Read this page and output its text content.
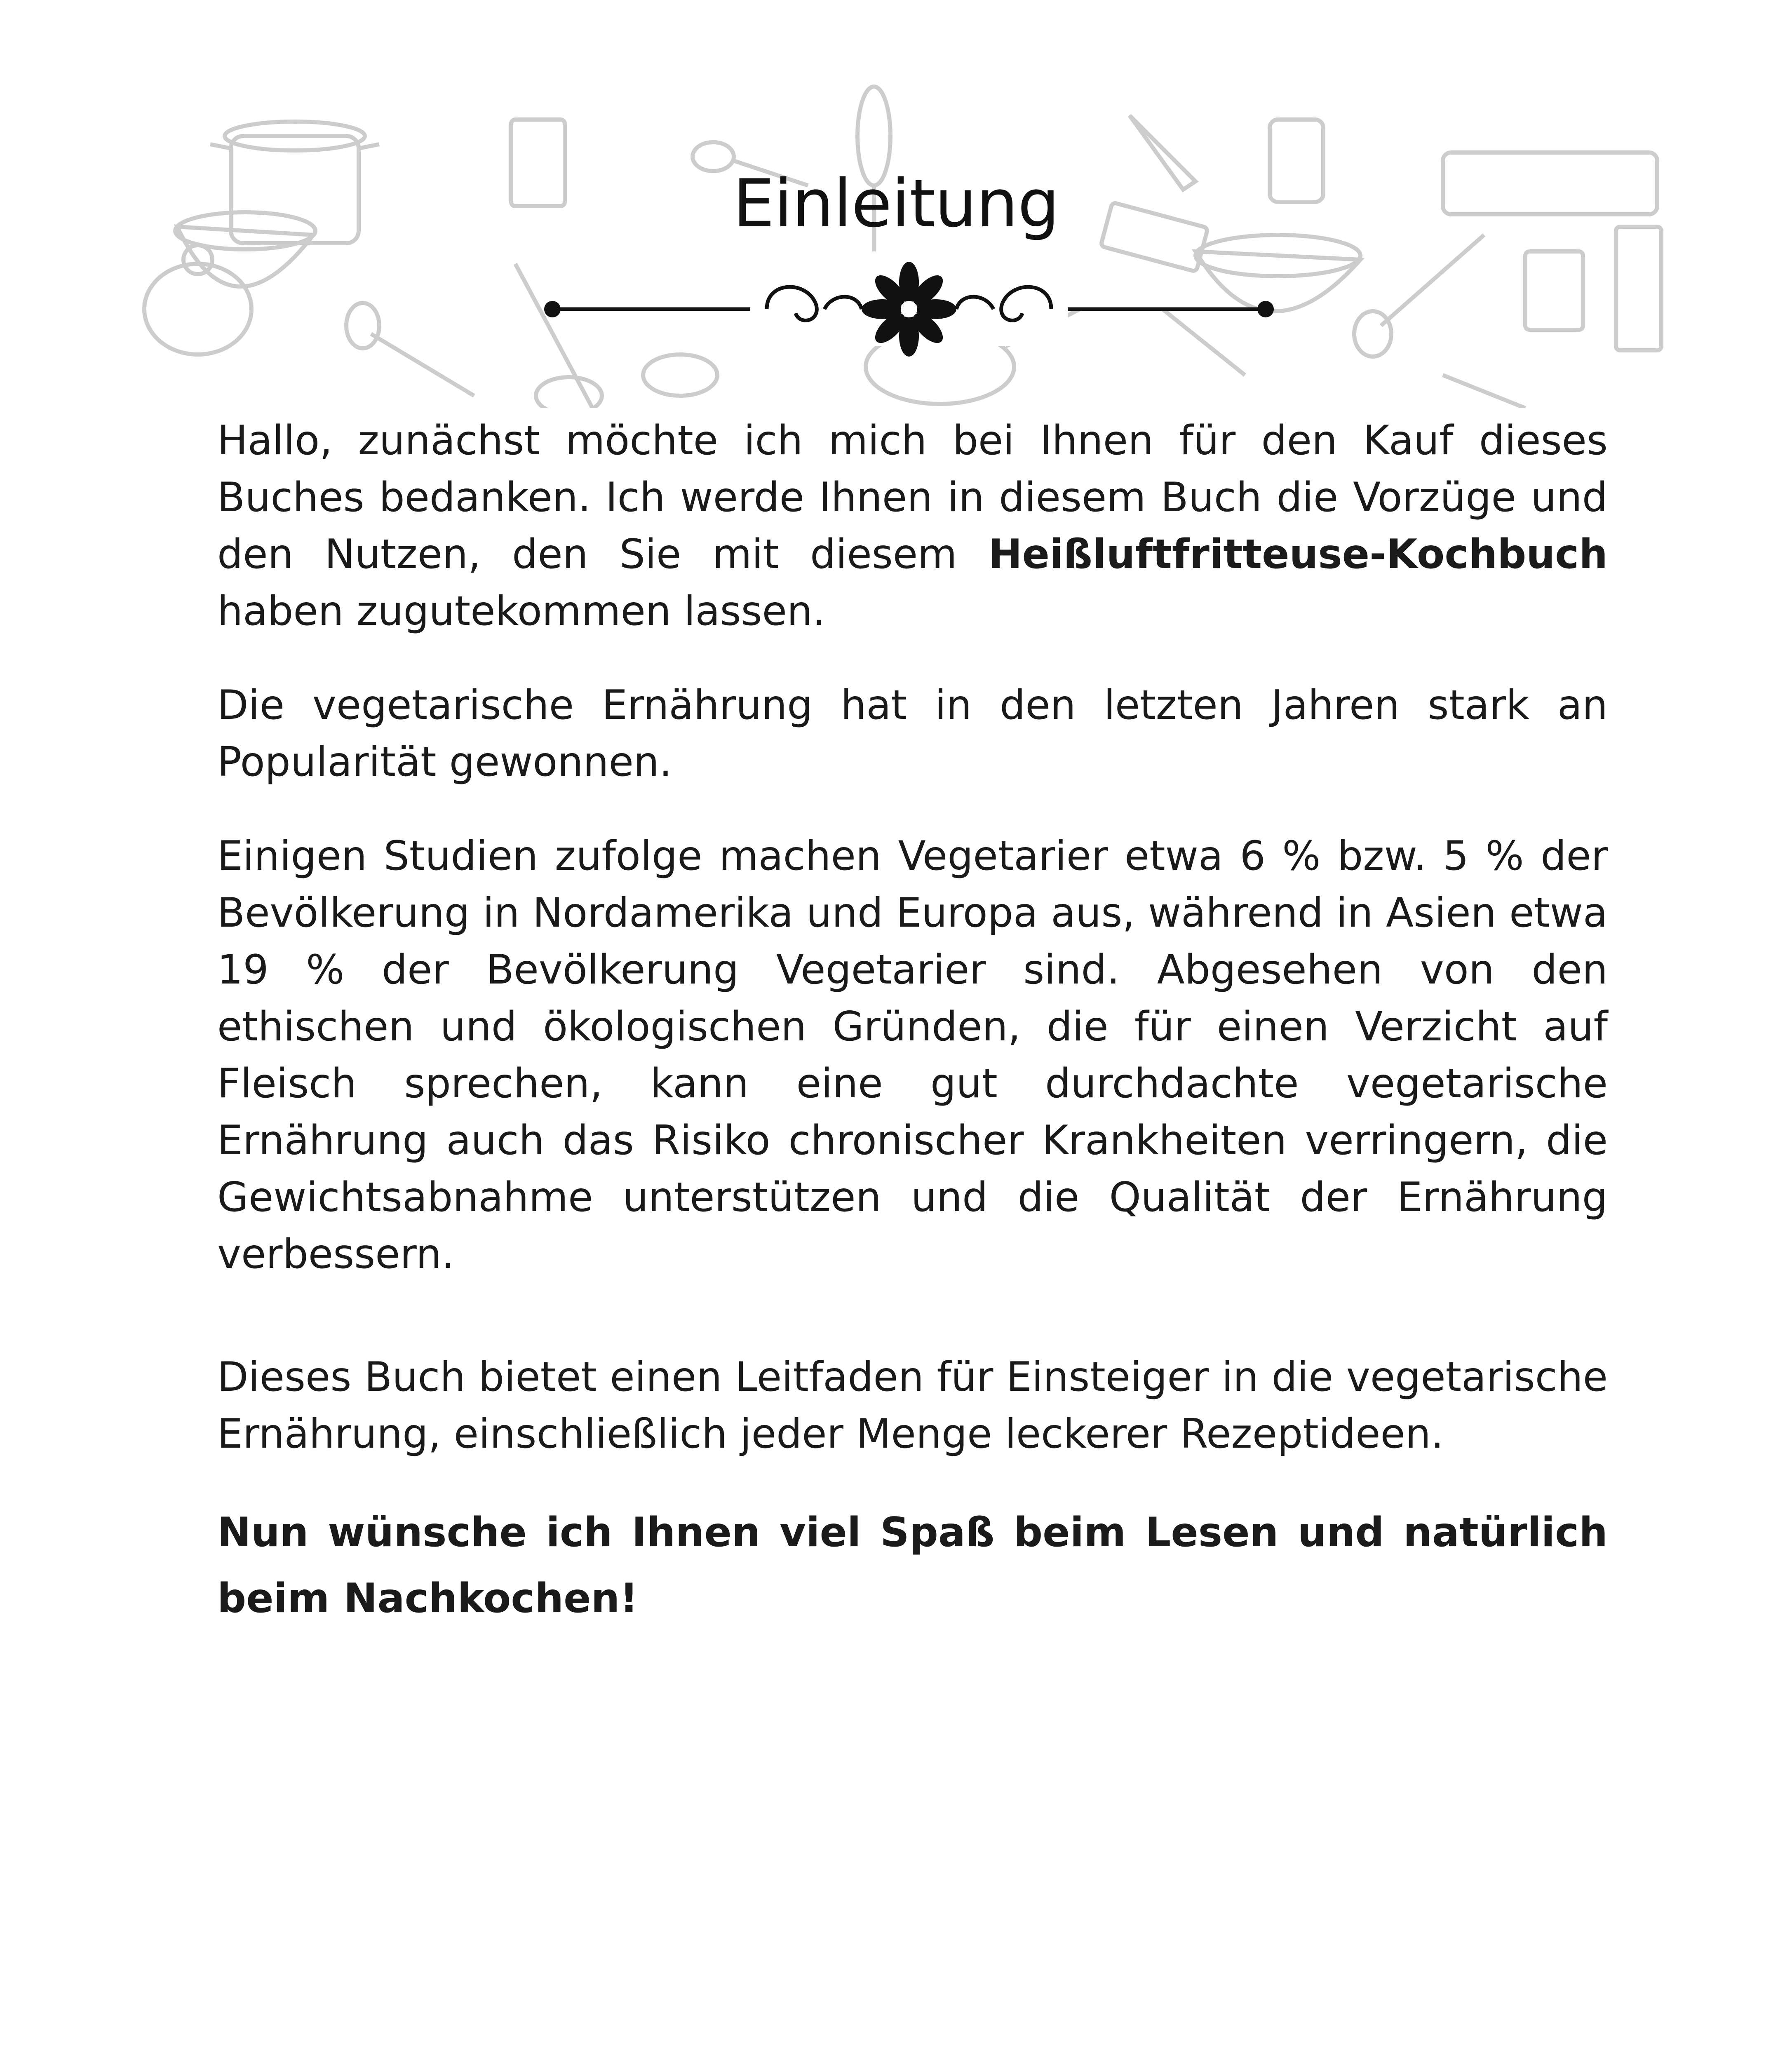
Einleitung

Hallo, zunächst möchte ich mich bei Ihnen für den Kauf dieses Buches bedanken. Ich werde Ihnen in diesem Buch die Vorzüge und den Nutzen, den Sie mit diesem Heißluftfritteuse-Kochbuch haben zugutekommen lassen.

Die vegetarische Ernährung hat in den letzten Jahren stark an Popularität gewonnen.

Einigen Studien zufolge machen Vegetarier etwa 6 % bzw. 5 % der Bevölkerung in Nordamerika und Europa aus, während in Asien etwa 19 % der Bevölkerung Vegetarier sind. Abgesehen von den ethischen und ökologischen Gründen, die für einen Verzicht auf Fleisch sprechen, kann eine gut durchdachte vegetarische Ernährung auch das Risiko chronischer Krankheiten verringern, die Gewichtsabnahme unterstützen und die Qualität der Ernährung verbessern.

Dieses Buch bietet einen Leitfaden für Einsteiger in die vegetarische Ernährung, einschließlich jeder Menge leckerer Rezeptideen.

Nun wünsche ich Ihnen viel Spaß beim Lesen und natürlich beim Nachkochen!
